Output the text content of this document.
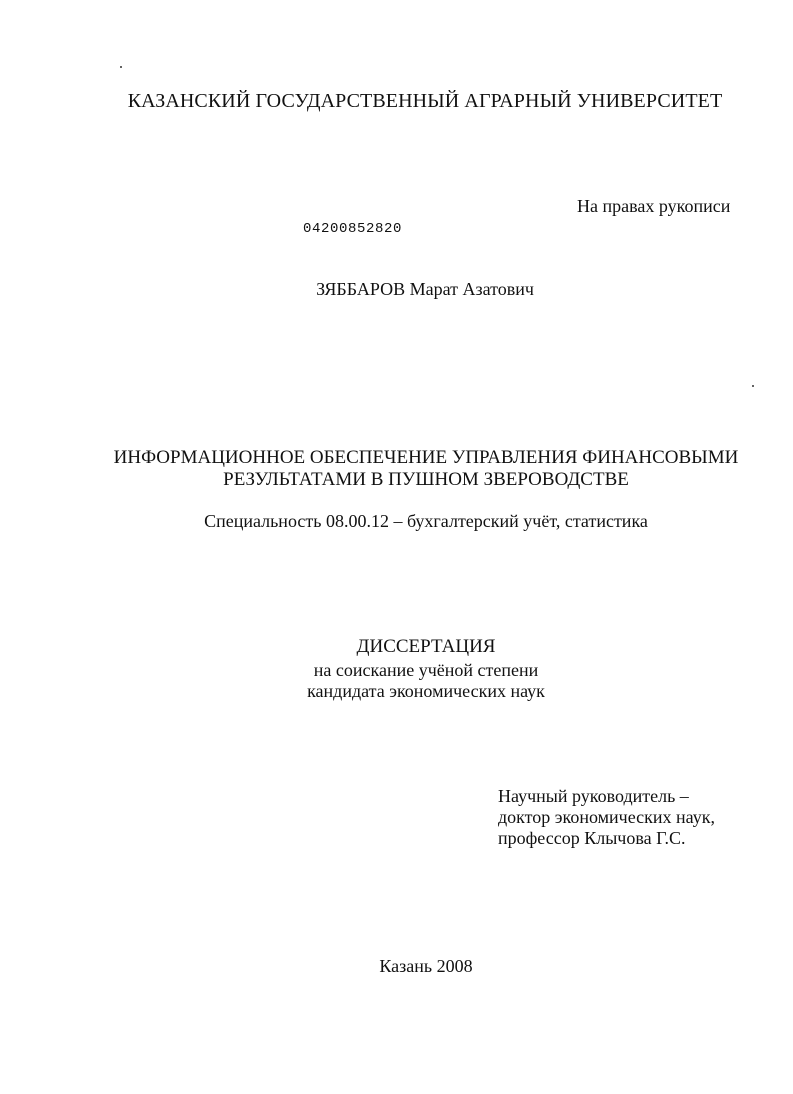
КАЗАНСКИЙ ГОСУДАРСТВЕННЫЙ АГРАРНЫЙ УНИВЕРСИТЕТ
На правах рукописи
04200852820
ЗЯББАРОВ Марат Азатович
ИНФОРМАЦИОННОЕ ОБЕСПЕЧЕНИЕ УПРАВЛЕНИЯ ФИНАНСОВЫМИ
РЕЗУЛЬТАТАМИ В ПУШНОМ ЗВЕРОВОДСТВЕ
Специальность 08.00.12 – бухгалтерский учёт, статистика
ДИССЕРТАЦИЯ
на соискание учёной степени
кандидата экономических наук
Научный руководитель –
доктор экономических наук,
профессор Клычова Г.С.
Казань 2008
